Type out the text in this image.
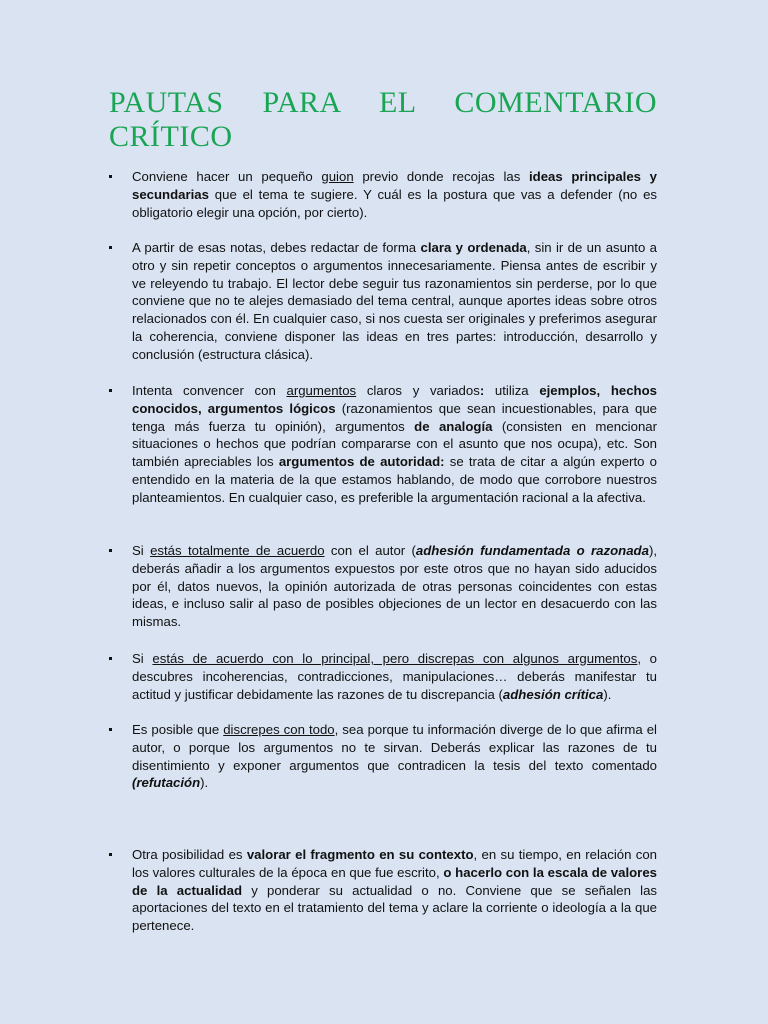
PAUTAS PARA EL COMENTARIO
CRÍTICO
Conviene hacer un pequeño guion previo donde recojas las ideas principales y secundarias que el tema te sugiere. Y cuál es la postura que vas a defender (no es obligatorio elegir una opción, por cierto).
A partir de esas notas, debes redactar de forma clara y ordenada, sin ir de un asunto a otro y sin repetir conceptos o argumentos innecesariamente. Piensa antes de escribir y ve releyendo tu trabajo. El lector debe seguir tus razonamientos sin perderse, por lo que conviene que no te alejes demasiado del tema central, aunque aportes ideas sobre otros relacionados con él. En cualquier caso, si nos cuesta ser originales y preferimos asegurar la coherencia, conviene disponer las ideas en tres partes: introducción, desarrollo y conclusión (estructura clásica).
Intenta convencer con argumentos claros y variados: utiliza ejemplos, hechos conocidos, argumentos lógicos (razonamientos que sean incuestionables, para que tenga más fuerza tu opinión), argumentos de analogía (consisten en mencionar situaciones o hechos que podrían compararse con el asunto que nos ocupa), etc. Son también apreciables los argumentos de autoridad: se trata de citar a algún experto o entendido en la materia de la que estamos hablando, de modo que corrobore nuestros planteamientos. En cualquier caso, es preferible la argumentación racional a la afectiva.
Si estás totalmente de acuerdo con el autor (adhesión fundamentada o razonada), deberás añadir a los argumentos expuestos por este otros que no hayan sido aducidos por él, datos nuevos, la opinión autorizada de otras personas coincidentes con estas ideas, e incluso salir al paso de posibles objeciones de un lector en desacuerdo con las mismas.
Si estás de acuerdo con lo principal, pero discrepas con algunos argumentos, o descubres incoherencias, contradicciones, manipulaciones… deberás manifestar tu actitud y justificar debidamente las razones de tu discrepancia (adhesión crítica).
Es posible que discrepes con todo, sea porque tu información diverge de lo que afirma el autor, o porque los argumentos no te sirvan. Deberás explicar las razones de tu disentimiento y exponer argumentos que contradicen la tesis del texto comentado (refutación).
Otra posibilidad es valorar el fragmento en su contexto, en su tiempo, en relación con los valores culturales de la época en que fue escrito, o hacerlo con la escala de valores de la actualidad y ponderar su actualidad o no. Conviene que se señalen las aportaciones del texto en el tratamiento del tema y aclare la corriente o ideología a la que pertenece.
